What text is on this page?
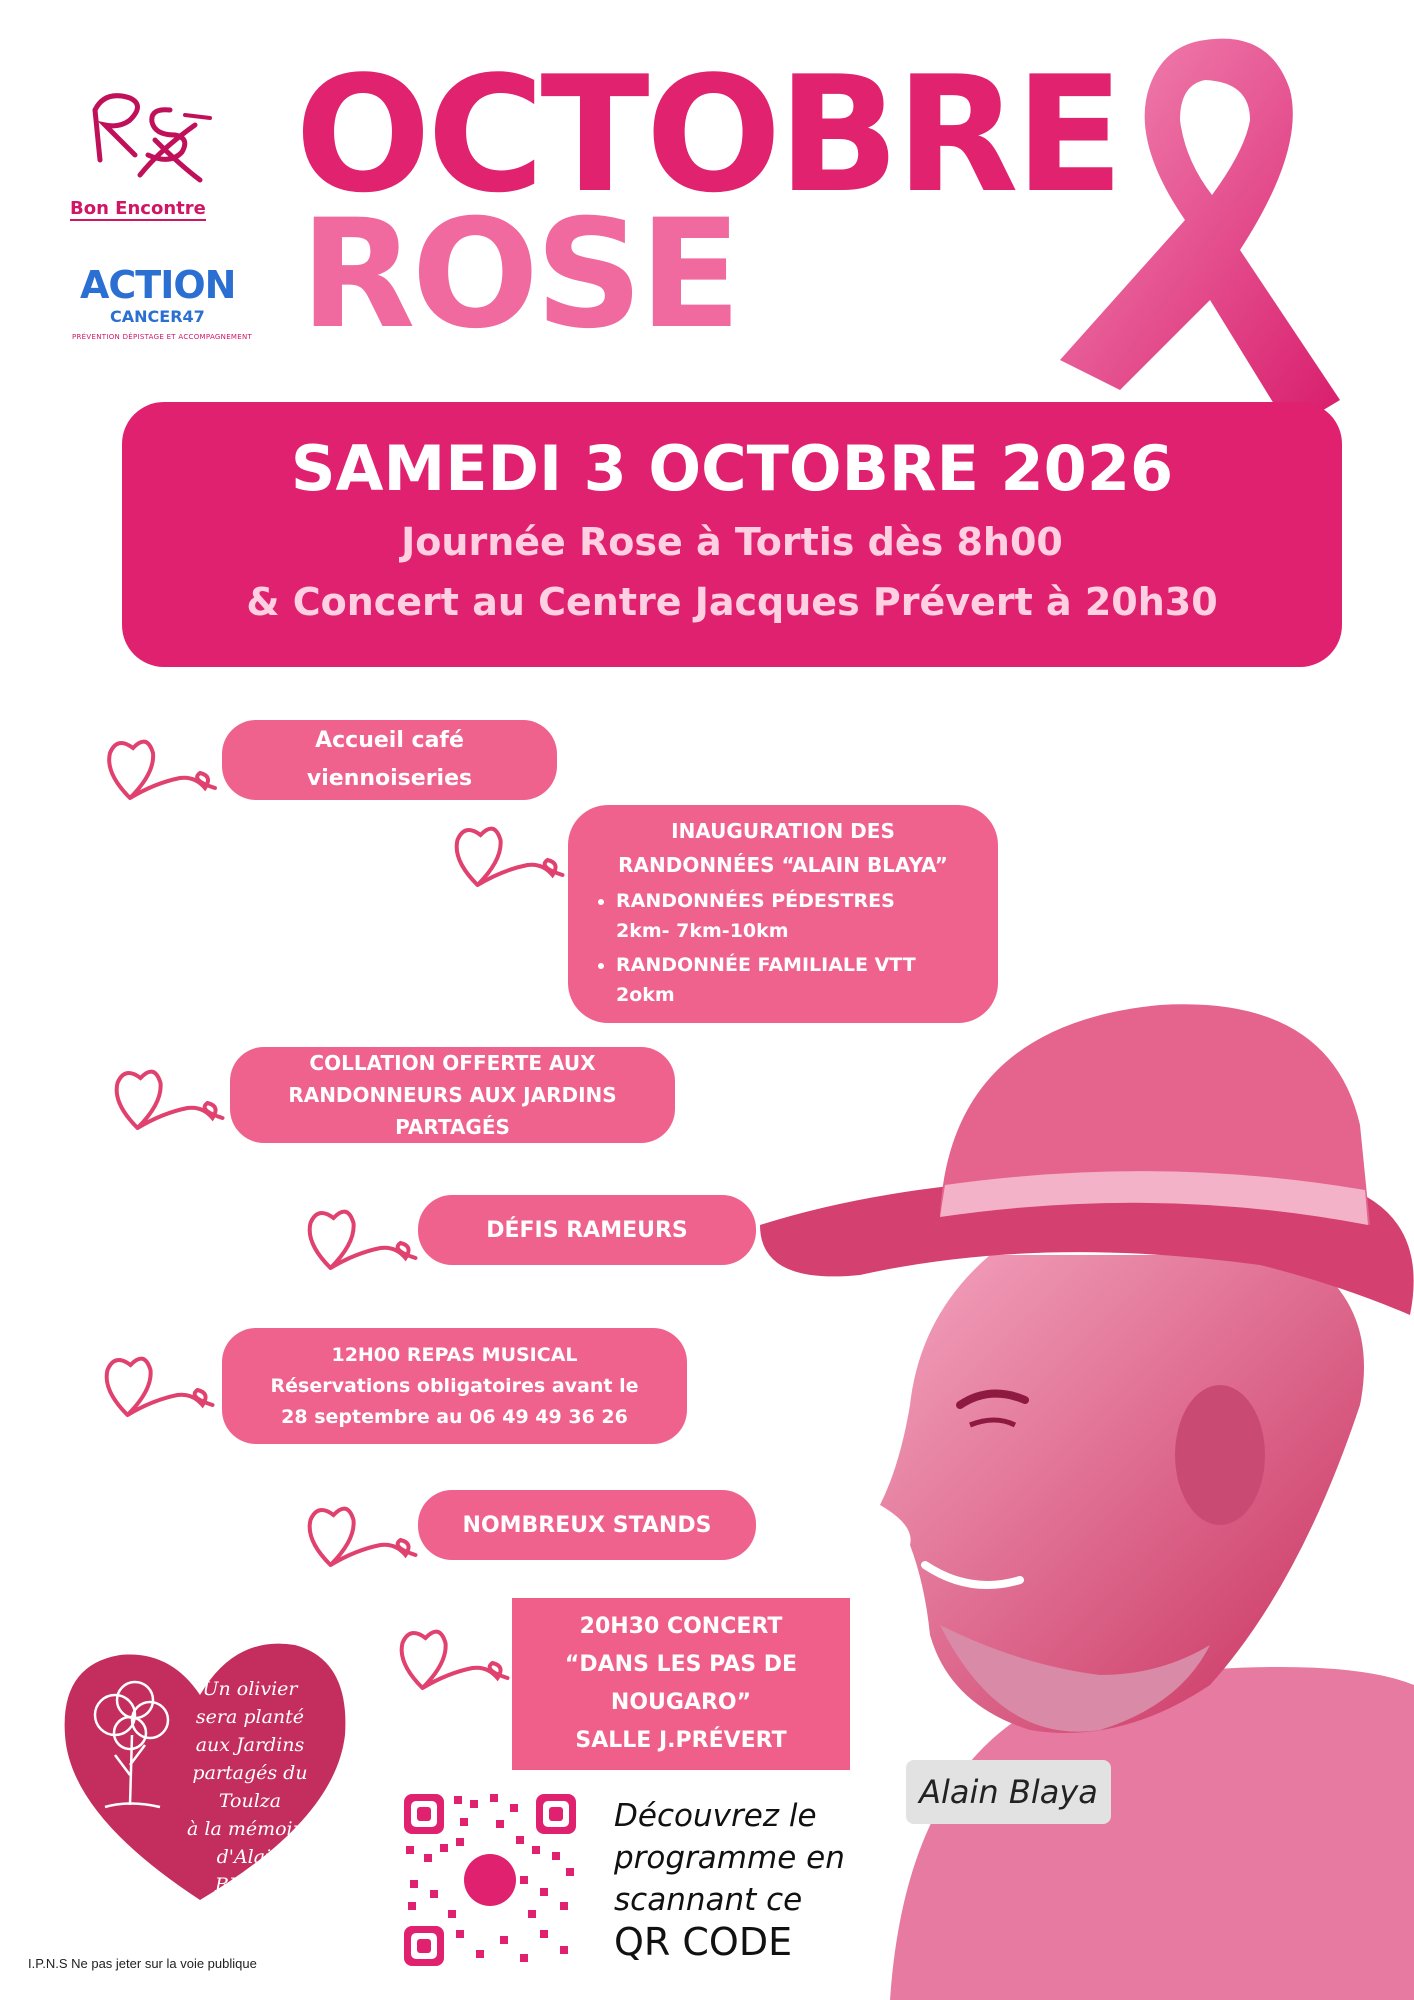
Bon Encontre
ACTION
CANCER47
PRÉVENTION DÉPISTAGE ET ACCOMPAGNEMENT
OCTOBRE
ROSE
SAMEDI 3 OCTOBRE 2026
Journée Rose à Tortis dès 8h00
& Concert au Centre Jacques Prévert à 20h30
Alain Blaya
Accueil café
viennoiseries
INAUGURATION DES
RANDONNÉES “ALAIN BLAYA”
• RANDONNÉES PÉDESTRES
2km- 7km-10km
• RANDONNÉE FAMILIALE VTT
2okm
COLLATION OFFERTE AUX
RANDONNEURS AUX JARDINS
PARTAGÉS
DÉFIS RAMEURS
12H00 REPAS MUSICAL
Réservations obligatoires avant le
28 septembre au 06 49 49 36 26
NOMBREUX STANDS
20H30 CONCERT
“DANS LES PAS DE
NOUGARO”
SALLE J.PRÉVERT
Un olivier
sera planté
aux Jardins
partagés du Toulza
à la mémoire
d'Alain
BLAYA.
Découvrez le
programme en
scannant ce
QR CODE
I.P.N.S Ne pas jeter sur la voie publique
